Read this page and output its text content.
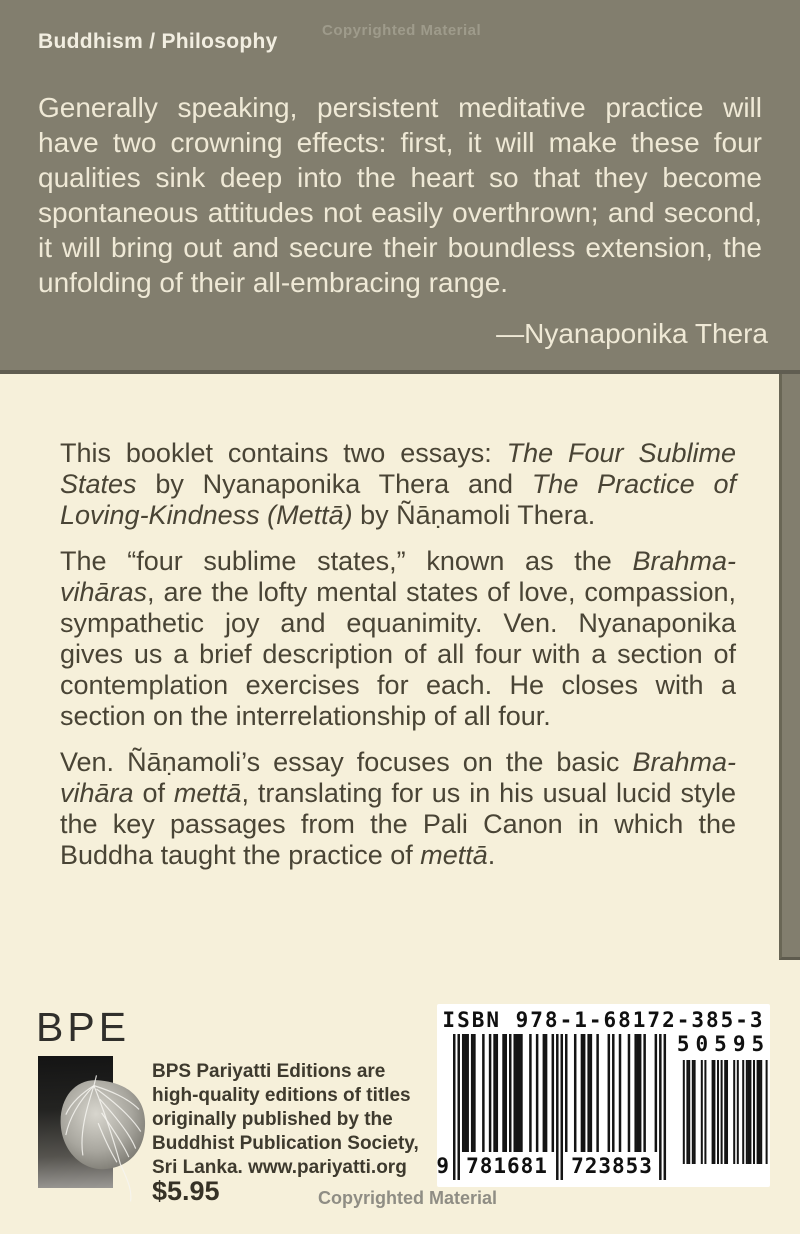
Copyrighted Material
Buddhism / Philosophy
Generally speaking, persistent meditative practice will have two crowning effects: first, it will make these four qualities sink deep into the heart so that they become spontaneous attitudes not easily overthrown; and second, it will bring out and secure their boundless extension, the unfolding of their all-embracing range.
—Nyanaponika Thera

This booklet contains two essays: The Four Sublime States by Nyanaponika Thera and The Practice of Loving-Kindness (Mettā) by Ñāṇamoli Thera.

The “four sublime states,” known as the Brahma-vihāras, are the lofty mental states of love, compassion, sympathetic joy and equanimity. Ven. Nyanaponika gives us a brief description of all four with a section of contemplation exercises for each. He closes with a section on the interrelationship of all four.

Ven. Ñāṇamoli’s essay focuses on the basic Brahma-vihāra of mettā, translating for us in his usual lucid style the key passages from the Pali Canon in which the Buddha taught the practice of mettā.

BPE
BPS Pariyatti Editions are
high-quality editions of titles
originally published by the
Buddhist Publication Society,
Sri Lanka. www.pariyatti.org
$5.95
ISBN 978-1-68172-385-3
9 781681 723853
50595
Copyrighted Material
